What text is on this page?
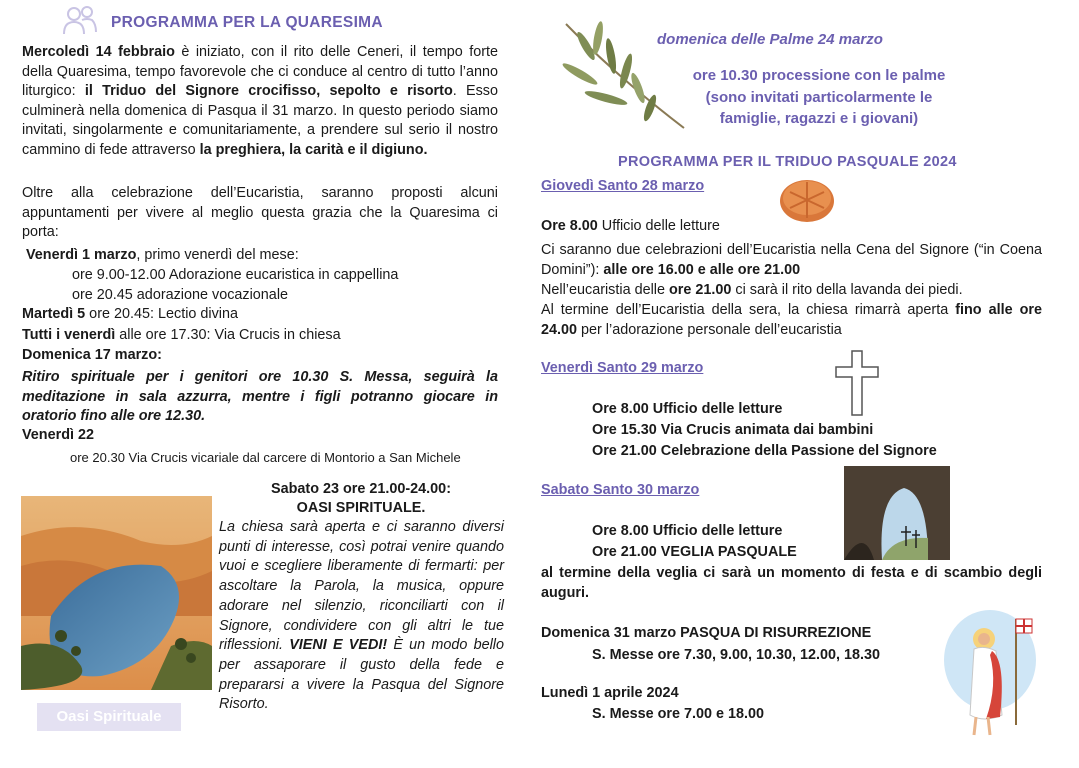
PROGRAMMA PER LA QUARESIMA
Mercoledì 14 febbraio è iniziato, con il rito delle Ceneri, il tempo forte della Quaresima, tempo favorevole che ci conduce al centro di tutto l’anno liturgico: il Triduo del Signore crocifisso, sepolto e risorto. Esso culminerà nella domenica di Pasqua il 31 marzo. In questo periodo siamo invitati, singolarmente e comunitariamente, a prendere sul serio il nostro cammino di fede attraverso la preghiera, la carità e il digiuno.
Oltre alla celebrazione dell’Eucaristia, saranno proposti alcuni appuntamenti per vivere al meglio questa grazia che la Quaresima ci porta:
Venerdì 1 marzo, primo venerdì del mese:
ore 9.00-12.00 Adorazione eucaristica in cappellina
ore 20.45 adorazione vocazionale
Martedì 5 ore 20.45: Lectio divina
Tutti i venerdì alle ore 17.30: Via Crucis in chiesa
Domenica 17 marzo:
Ritiro spirituale per i genitori ore 10.30 S. Messa, seguirà la meditazione in sala azzurra, mentre i figli potranno giocare in oratorio fino alle ore 12.30.
Venerdì 22
ore 20.30 Via Crucis vicariale dal carcere di Montorio a San Michele
Oasi Spirituale
Sabato 23 ore 21.00-24.00:
OASI SPIRITUALE.
La chiesa sarà aperta e ci saranno diversi punti di interesse, così potrai venire quando vuoi e scegliere liberamente di fermarti: per ascoltare la Parola, la musica, oppure adorare nel silenzio, riconciliarti con il Signore, condividere con gli altri le tue riflessioni. VIENI E VEDI! È un modo bello per assaporare il gusto della fede e prepararsi a vivere la Pasqua del Signore Risorto.
domenica delle Palme 24 marzo
ore 10.30 processione con le palme
(sono invitati particolarmente le
famiglie, ragazzi e i giovani)
PROGRAMMA PER IL TRIDUO PASQUALE 2024
Giovedì Santo 28 marzo
Ore 8.00 Ufficio delle letture
Ci saranno due celebrazioni dell’Eucaristia nella Cena del Signore (“in Coena Domini”): alle ore 16.00 e alle ore 21.00
Nell’eucaristia delle ore 21.00 ci sarà il rito della lavanda dei piedi.
Al termine dell’Eucaristia della sera, la chiesa rimarrà aperta fino alle ore 24.00 per l’adorazione personale dell’eucaristia
Venerdì Santo 29 marzo
Ore 8.00 Ufficio delle letture
Ore 15.30 Via Crucis animata dai bambini
Ore 21.00 Celebrazione della Passione del Signore
Sabato Santo 30 marzo
Ore 8.00 Ufficio delle letture
Ore 21.00 VEGLIA PASQUALE
al termine della veglia ci sarà un momento di festa e di scambio degli auguri.
Domenica 31 marzo PASQUA DI RISURREZIONE
S. Messe ore 7.30, 9.00, 10.30, 12.00, 18.30
Lunedì 1 aprile 2024
S. Messe ore 7.00 e 18.00
